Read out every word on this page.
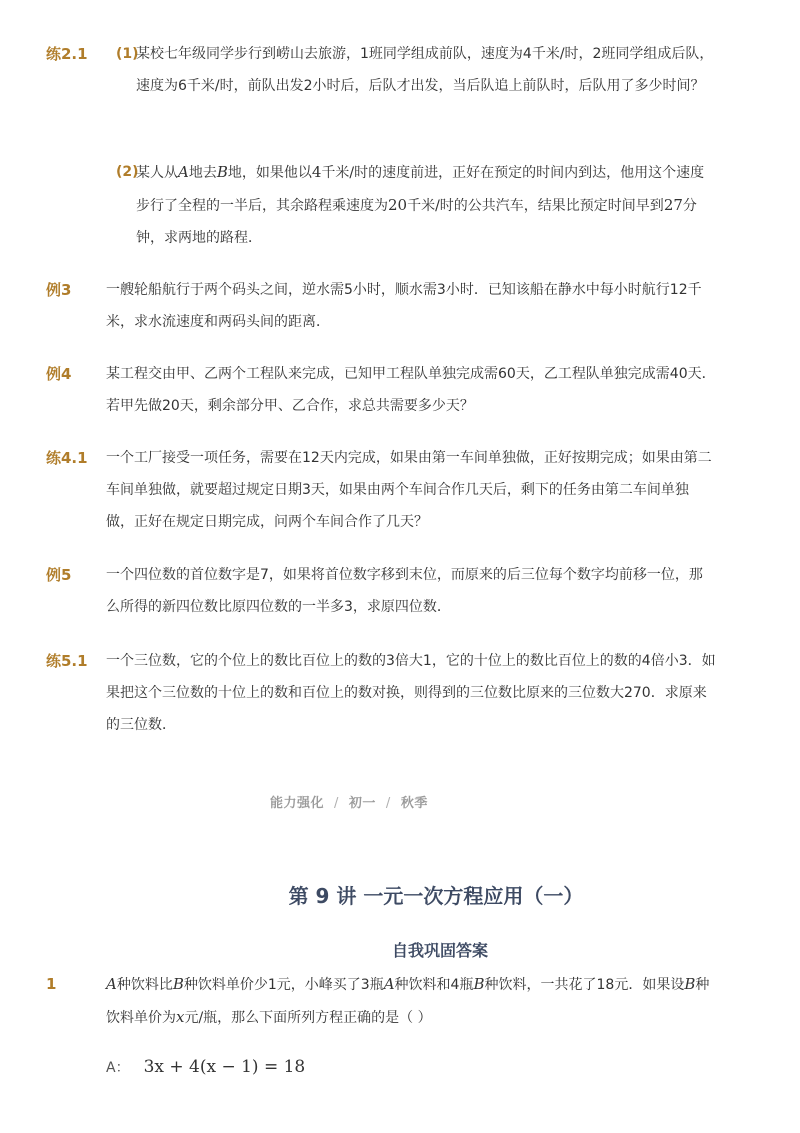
练2.1 (1)
某校七年级同学步行到崂山去旅游，1班同学组成前队，速度为4千米/时，2班同学组成后队，速度为6千米/时，前队出发2小时后，后队才出发，当后队追上前队时，后队用了多少时间？
(2)
某人从A地去B地，如果他以4千米/时的速度前进，正好在预定的时间内到达，他用这个速度步行了全程的一半后，其余路程乘速度为20千米/时的公共汽车，结果比预定时间早到27分钟，求两地的路程．
例3 一艘轮船航行于两个码头之间，逆水需5小时，顺水需3小时．已知该船在静水中每小时航行12千米，求水流速度和两码头间的距离．
例4 某工程交由甲、乙两个工程队来完成，已知甲工程队单独完成需60天，乙工程队单独完成需40天．若甲先做20天，剩余部分甲、乙合作，求总共需要多少天？
练4.1 一个工厂接受一项任务，需要在12天内完成，如果由第一车间单独做，正好按期完成；如果由第二车间单独做，就要超过规定日期3天，如果由两个车间合作几天后，剩下的任务由第二车间单独做，正好在规定日期完成，问两个车间合作了几天？
例5 一个四位数的首位数字是7，如果将首位数字移到末位，而原来的后三位每个数字均前移一位，那么所得的新四位数比原四位数的一半多3，求原四位数．
练5.1 一个三位数，它的个位上的数比百位上的数的3倍大1，它的十位上的数比百位上的数的4倍小3．如果把这个三位数的十位上的数和百位上的数对换，则得到的三位数比原来的三位数大270．求原来的三位数．
能力强化 / 初一 / 秋季
第 9 讲 一元一次方程应用（一）
自我巩固答案
1	A种饮料比B种饮料单价少1元，小峰买了3瓶A种饮料和4瓶B种饮料，一共花了18元．如果设B种饮料单价为x元/瓶，那么下面所列方程正确的是（ ）
A： 3x + 4(x − 1) = 18
